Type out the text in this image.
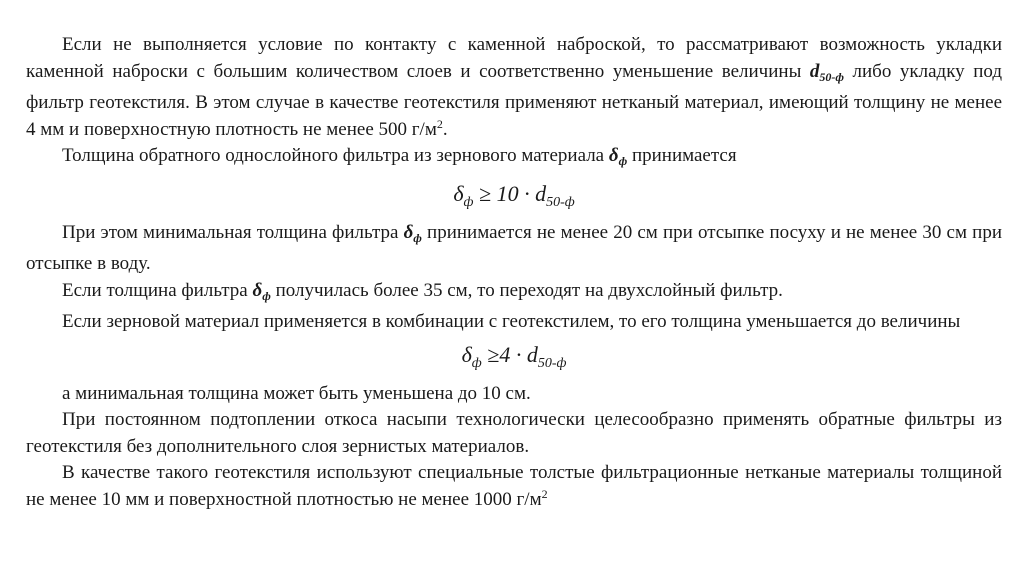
Если не выполняется условие по контакту с каменной наброской, то рассматривают возможность укладки каменной наброски с большим количеством слоев и соответственно уменьшение величины $d_{50-ф}$ либо укладку под фильтр геотекстиля. В этом случае в качестве геотекстиля применяют нетканый материал, имеющий толщину не менее 4 мм и поверхностную плотность не менее 500 $г/м^2$.

Толщина обратного однослойного фильтра из зернового материала $\delta_ф$ принимается

$\delta_ф \ge 10 \cdot d_{50-ф}$

При этом минимальная толщина фильтра $\delta_ф$ принимается не менее 20 см при отсыпке посуху и не менее 30 см при отсыпке в воду.

Если толщина фильтра $\delta_ф$ получилась более 35 см, то переходят на двухслойный фильтр.

Если зерновой материал применяется в комбинации с геотекстилем, то его толщина уменьшается до величины

$\delta_ф \ge 4 \cdot d_{50-ф}$

а минимальная толщина может быть уменьшена до 10 см.

При постоянном подтоплении откоса насыпи технологически целесообразно применять обратные фильтры из геотекстиля без дополнительного слоя зернистых материалов.

В качестве такого геотекстиля используют специальные толстые фильтрационные нетканые материалы толщиной не менее 10 мм и поверхностной плотностью не менее 1000 $г/м^2$
